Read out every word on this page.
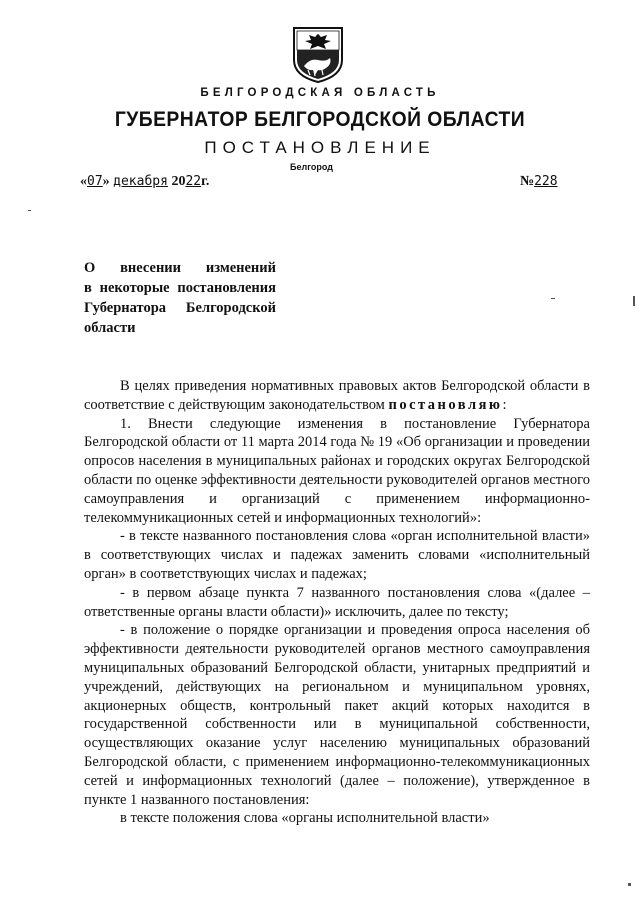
БЕЛГОРОДСКАЯ ОБЛАСТЬ
ГУБЕРНАТОР БЕЛГОРОДСКОЙ ОБЛАСТИ
ПОСТАНОВЛЕНИЕ
Белгород
«07» декабря 2022г.	№228
О внесении изменений
в некоторые постановления
Губернатора Белгородской
области

В целях приведения нормативных правовых актов Белгородской области в соответствие с действующим законодательством постановляю:

1. Внести следующие изменения в постановление Губернатора Белгородской области от 11 марта 2014 года № 19 «Об организации и проведении опросов населения в муниципальных районах и городских округах Белгородской области по оценке эффективности деятельности руководителей органов местного самоуправления и организаций с применением информационно-телекоммуникационных сетей и информационных технологий»:

- в тексте названного постановления слова «орган исполнительной власти» в соответствующих числах и падежах заменить словами «исполнительный орган» в соответствующих числах и падежах;

- в первом абзаце пункта 7 названного постановления слова «(далее – ответственные органы власти области)» исключить, далее по тексту;

- в положение о порядке организации и проведения опроса населения об эффективности деятельности руководителей органов местного самоуправления муниципальных образований Белгородской области, унитарных предприятий и учреждений, действующих на региональном и муниципальном уровнях, акционерных обществ, контрольный пакет акций которых находится в государственной собственности или в муниципальной собственности, осуществляющих оказание услуг населению муниципальных образований Белгородской области, с применением информационно-телекоммуникационных сетей и информационных технологий (далее – положение), утвержденное в пункте 1 названного постановления:

в тексте положения слова «органы исполнительной власти»
